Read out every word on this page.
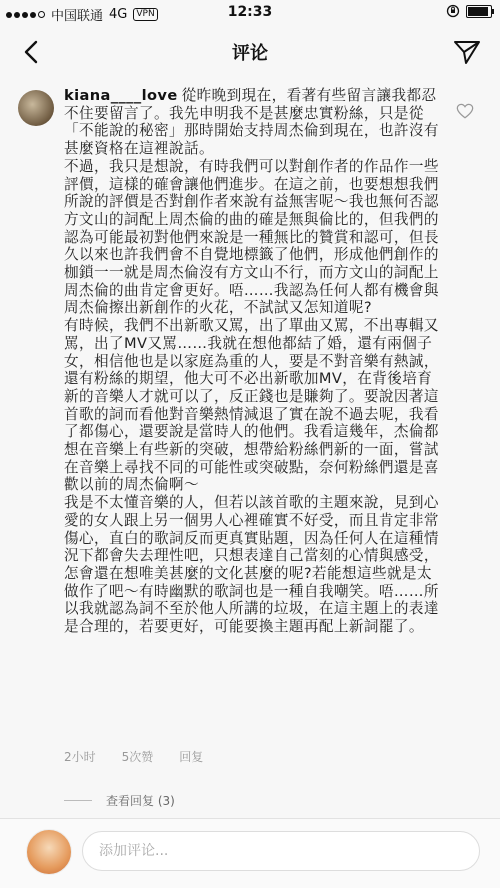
中国联通 4G	VPN	12:33
评论

kiana____love 從昨晚到現在，看著有些留言讓我都忍不住要留言了。我先申明我不是甚麼忠實粉絲，只是從「不能說的秘密」那時開始支持周杰倫到現在，也許沒有甚麼資格在這裡說話。

不過，我只是想說，有時我們可以對創作者的作品作一些評價，這樣的確會讓他們進步。在這之前，也要想想我們所說的評價是否對創作者來說有益無害呢～我也無何否認方文山的詞配上周杰倫的曲的確是無與倫比的，但我們的認為可能最初對他們來說是一種無比的贊賞和認可，但長久以來也許我們會不自覺地標籤了他們，形成他們創作的枷鎖一一就是周杰倫沒有方文山不行，而方文山的詞配上周杰倫的曲肯定會更好。唔……我認為任何人都有機會與周杰倫擦出新創作的火花，不試試又怎知道呢?

有時候，我們不出新歌又罵，出了單曲又罵，不出專輯又罵，出了MV又罵……我就在想他都結了婚，還有兩個子女，相信他也是以家庭為重的人，要是不對音樂有熱誠，還有粉絲的期望，他大可不必出新歌加MV，在背後培育新的音樂人才就可以了，反正錢也是賺夠了。要說因著這首歌的詞而看他對音樂熱情減退了實在說不過去呢，我看了都傷心，還要說是當時人的他們。我看這幾年，杰倫都想在音樂上有些新的突破，想帶給粉絲們新的一面，嘗試在音樂上尋找不同的可能性或突破點，奈何粉絲們還是喜歡以前的周杰倫啊～

我是不太懂音樂的人，但若以該首歌的主題來說，見到心愛的女人跟上另一個男人心裡確實不好受，而且肯定非常傷心，直白的歌詞反而更真實貼題，因為任何人在這種情況下都會失去理性吧，只想表達自己當刻的心情與感受，怎會還在想唯美甚麼的文化甚麼的呢?若能想這些就是太做作了吧～有時幽默的歌詞也是一種自我嘲笑。唔……所以我就認為詞不至於他人所講的垃圾，在這主題上的表達是合理的，若要更好，可能要換主題再配上新詞罷了。

2小时 5次赞 回复
查看回复 (3)
添加评论...
